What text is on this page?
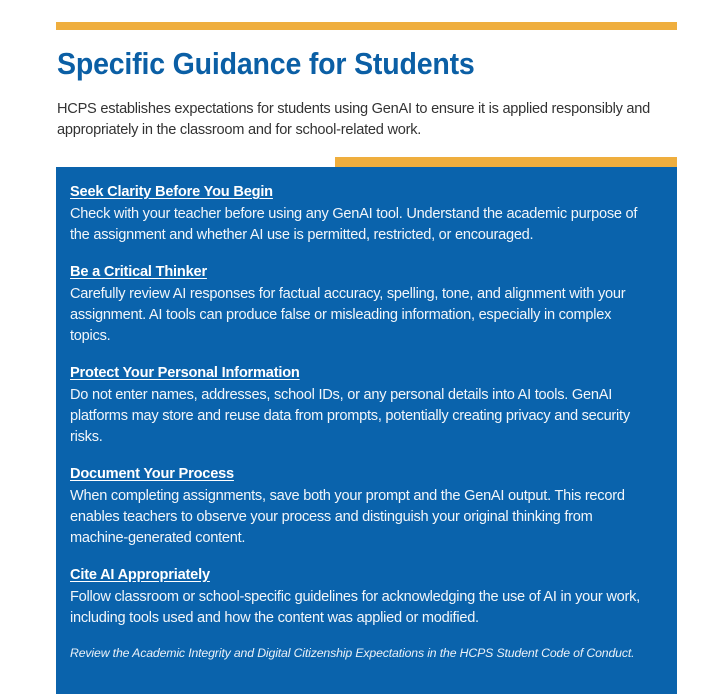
Specific Guidance for Students

HCPS establishes expectations for students using GenAI to ensure it is applied responsibly and appropriately in the classroom and for school-related work.

Seek Clarity Before You Begin

Check with your teacher before using any GenAI tool. Understand the academic purpose of the assignment and whether AI use is permitted, restricted, or encouraged.

Be a Critical Thinker

Carefully review AI responses for factual accuracy, spelling, tone, and alignment with your assignment. AI tools can produce false or misleading information, especially in complex topics.

Protect Your Personal Information

Do not enter names, addresses, school IDs, or any personal details into AI tools. GenAI platforms may store and reuse data from prompts, potentially creating privacy and security risks.

Document Your Process

When completing assignments, save both your prompt and the GenAI output. This record enables teachers to observe your process and distinguish your original thinking from machine-generated content.

Cite AI Appropriately

Follow classroom or school-specific guidelines for acknowledging the use of AI in your work, including tools used and how the content was applied or modified.

Review the Academic Integrity and Digital Citizenship Expectations in the HCPS Student Code of Conduct.
